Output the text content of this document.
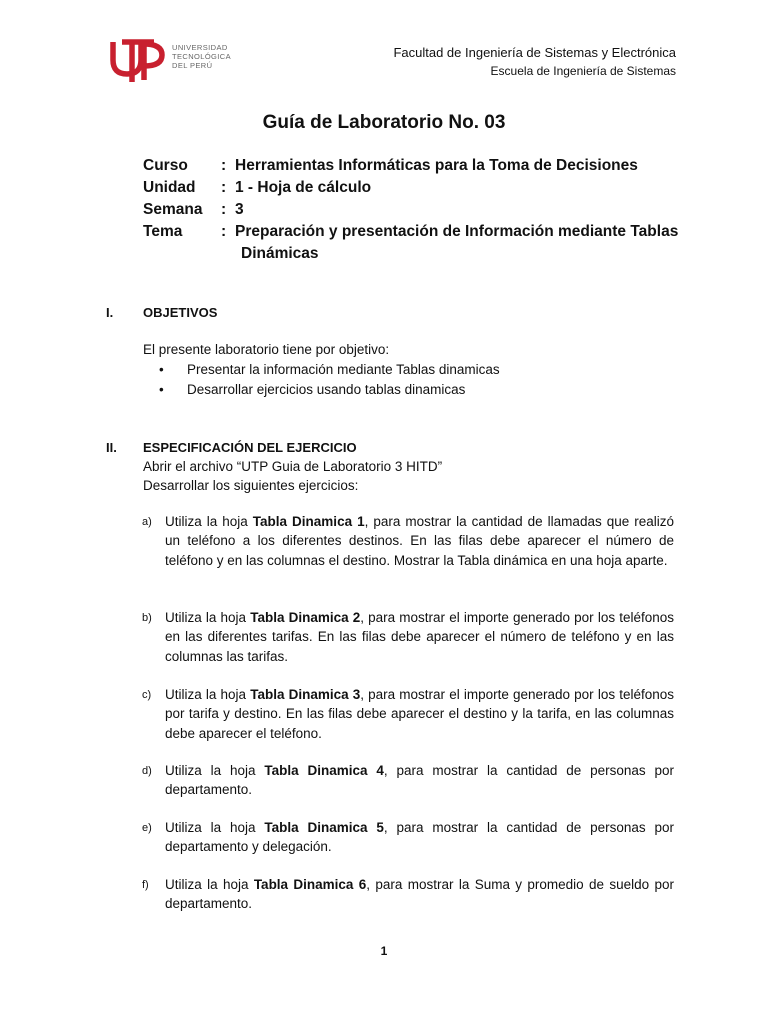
UNIVERSIDAD
TECNOLÓGICA
DEL PERÚ
Facultad de Ingeniería de Sistemas y Electrónica
Escuela de Ingeniería de Sistemas
Guía de Laboratorio No. 03
Curso : Herramientas Informáticas para la Toma de Decisiones
Unidad : 1 - Hoja de cálculo
Semana : 3
Tema : Preparación y presentación de Información mediante Tablas
Dinámicas
I. OBJETIVOS
El presente laboratorio tiene por objetivo:
• Presentar la información mediante Tablas dinamicas
• Desarrollar ejercicios usando tablas dinamicas
II. ESPECIFICACIÓN DEL EJERCICIO
Abrir el archivo “UTP Guia de Laboratorio 3 HITD”
Desarrollar los siguientes ejercicios:
a) Utiliza la hoja Tabla Dinamica 1, para mostrar la cantidad de llamadas que realizó un teléfono a los diferentes destinos. En las filas debe aparecer el número de teléfono y en las columnas el destino. Mostrar la Tabla dinámica en una hoja aparte.
b) Utiliza la hoja Tabla Dinamica 2, para mostrar el importe generado por los teléfonos en las diferentes tarifas. En las filas debe aparecer el número de teléfono y en las columnas las tarifas.
c) Utiliza la hoja Tabla Dinamica 3, para mostrar el importe generado por los teléfonos por tarifa y destino. En las filas debe aparecer el destino y la tarifa, en las columnas debe aparecer el teléfono.
d) Utiliza la hoja Tabla Dinamica 4, para mostrar la cantidad de personas por departamento.
e) Utiliza la hoja Tabla Dinamica 5, para mostrar la cantidad de personas por departamento y delegación.
f) Utiliza la hoja Tabla Dinamica 6, para mostrar la Suma y promedio de sueldo por departamento.
1
